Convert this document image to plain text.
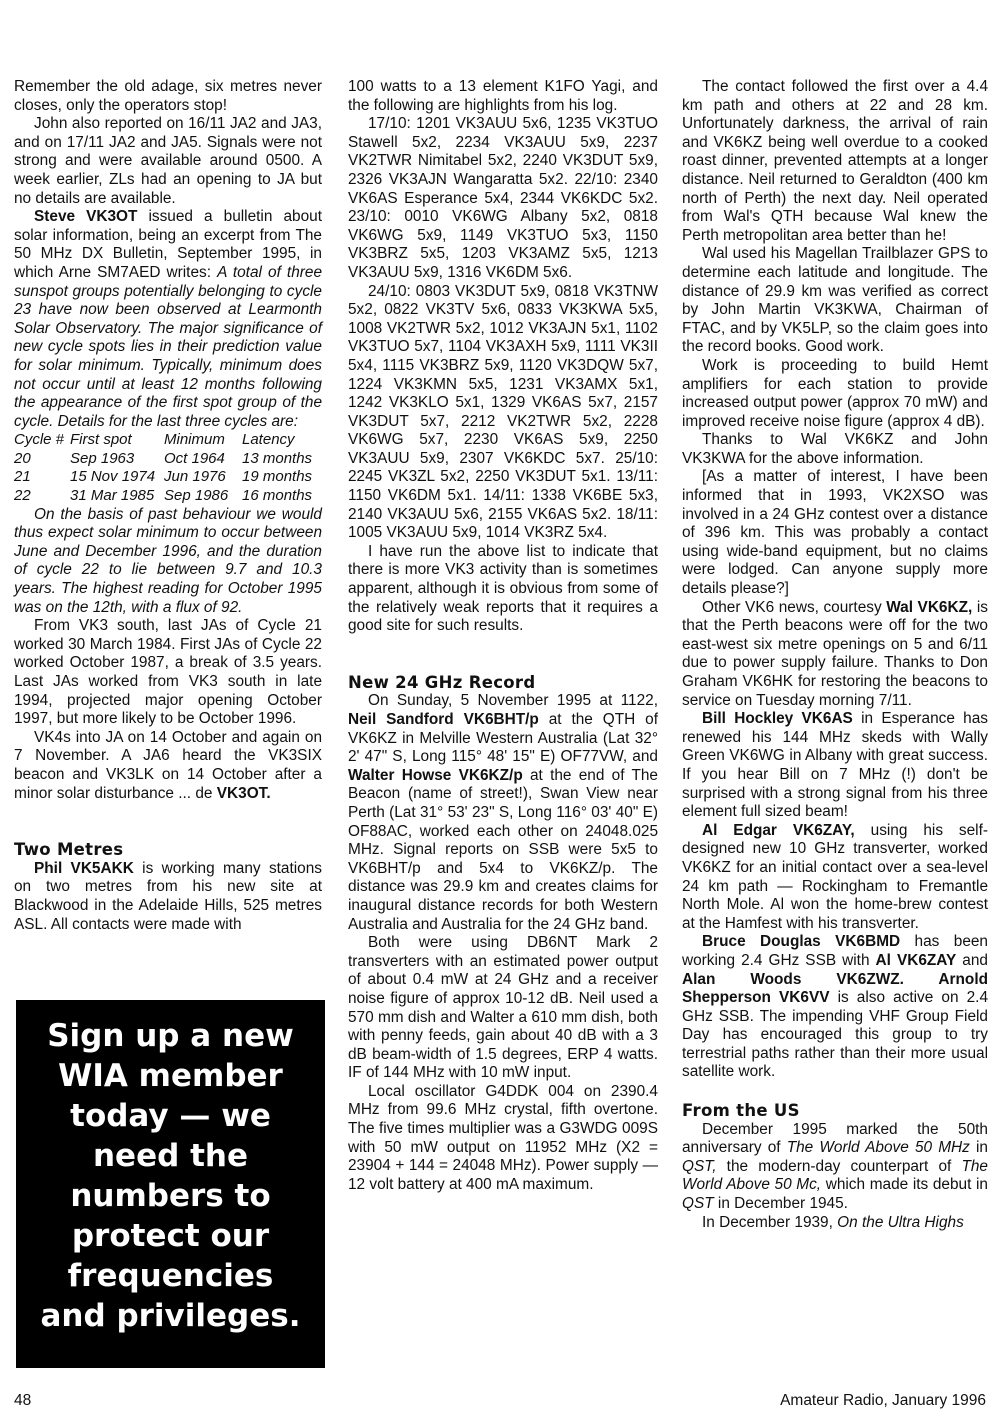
Remember the old adage, six metres never closes, only the operators stop!

John also reported on 16/11 JA2 and JA3, and on 17/11 JA2 and JA5. Signals were not strong and were available around 0500. A week earlier, ZLs had an opening to JA but no details are available.

Steve VK3OT issued a bulletin about solar information, being an excerpt from The 50 MHz DX Bulletin, September 1995, in which Arne SM7AED writes: A total of three sunspot groups potentially belonging to cycle 23 have now been observed at Learmonth Solar Observatory. The major significance of new cycle spots lies in their prediction value for solar minimum. Typically, minimum does not occur until at least 12 months following the appearance of the first spot group of the cycle. Details for the last three cycles are:

Cycle #	First spot	Minimum	Latency
20	Sep 1963	Oct 1964	13 months
21	15 Nov 1974	Jun 1976	19 months
22	31 Mar 1985	Sep 1986	16 months

On the basis of past behaviour we would thus expect solar minimum to occur between June and December 1996, and the duration of cycle 22 to lie between 9.7 and 10.3 years. The highest reading for October 1995 was on the 12th, with a flux of 92.

From VK3 south, last JAs of Cycle 21 worked 30 March 1984. First JAs of Cycle 22 worked October 1987, a break of 3.5 years. Last JAs worked from VK3 south in late 1994, projected major opening October 1997, but more likely to be October 1996.

VK4s into JA on 14 October and again on 7 November. A JA6 heard the VK3SIX beacon and VK3LK on 14 October after a minor solar disturbance ... de VK3OT.

Two Metres

Phil VK5AKK is working many stations on two metres from his new site at Blackwood in the Adelaide Hills, 525 metres ASL. All contacts were made with

Sign up a new
WIA member
today — we
need the
numbers to
protect our
frequencies
and privileges.

100 watts to a 13 element K1FO Yagi, and the following are highlights from his log.

17/10: 1201 VK3AUU 5x6, 1235 VK3TUO Stawell 5x2, 2234 VK3AUU 5x9, 2237 VK2TWR Nimitabel 5x2, 2240 VK3DUT 5x9, 2326 VK3AJN Wangaratta 5x2. 22/10: 2340 VK6AS Esperance 5x4, 2344 VK6KDC 5x2. 23/10: 0010 VK6WG Albany 5x2, 0818 VK6WG 5x9, 1149 VK3TUO 5x3, 1150 VK3BRZ 5x5, 1203 VK3AMZ 5x5, 1213 VK3AUU 5x9, 1316 VK6DM 5x6.

24/10: 0803 VK3DUT 5x9, 0818 VK3TNW 5x2, 0822 VK3TV 5x6, 0833 VK3KWA 5x5, 1008 VK2TWR 5x2, 1012 VK3AJN 5x1, 1102 VK3TUO 5x7, 1104 VK3AXH 5x9, 1111 VK3II 5x4, 1115 VK3BRZ 5x9, 1120 VK3DQW 5x7, 1224 VK3KMN 5x5, 1231 VK3AMX 5x1, 1242 VK3KLO 5x1, 1329 VK6AS 5x7, 2157 VK3DUT 5x7, 2212 VK2TWR 5x2, 2228 VK6WG 5x7, 2230 VK6AS 5x9, 2250 VK3AUU 5x9, 2307 VK6KDC 5x7. 25/10: 2245 VK3ZL 5x2, 2250 VK3DUT 5x1. 13/11: 1150 VK6DM 5x1. 14/11: 1338 VK6BE 5x3, 2140 VK3AUU 5x6, 2155 VK6AS 5x2. 18/11: 1005 VK3AUU 5x9, 1014 VK3RZ 5x4.

I have run the above list to indicate that there is more VK3 activity than is sometimes apparent, although it is obvious from some of the relatively weak reports that it requires a good site for such results.

New 24 GHz Record

On Sunday, 5 November 1995 at 1122, Neil Sandford VK6BHT/p at the QTH of VK6KZ in Melville Western Australia (Lat 32° 2' 47" S, Long 115° 48' 15" E) OF77VW, and Walter Howse VK6KZ/p at the end of The Beacon (name of street!), Swan View near Perth (Lat 31° 53' 23" S, Long 116° 03' 40" E) OF88AC, worked each other on 24048.025 MHz. Signal reports on SSB were 5x5 to VK6BHT/p and 5x4 to VK6KZ/p. The distance was 29.9 km and creates claims for inaugural distance records for both Western Australia and Australia for the 24 GHz band.

Both were using DB6NT Mark 2 transverters with an estimated power output of about 0.4 mW at 24 GHz and a receiver noise figure of approx 10-12 dB. Neil used a 570 mm dish and Walter a 610 mm dish, both with penny feeds, gain about 40 dB with a 3 dB beam-width of 1.5 degrees, ERP 4 watts. IF of 144 MHz with 10 mW input.

Local oscillator G4DDK 004 on 2390.4 MHz from 99.6 MHz crystal, fifth overtone. The five times multiplier was a G3WDG 009S with 50 mW output on 11952 MHz (X2 = 23904 + 144 = 24048 MHz). Power supply — 12 volt battery at 400 mA maximum.

The contact followed the first over a 4.4 km path and others at 22 and 28 km. Unfortunately darkness, the arrival of rain and VK6KZ being well overdue to a cooked roast dinner, prevented attempts at a longer distance. Neil returned to Geraldton (400 km north of Perth) the next day. Neil operated from Wal's QTH because Wal knew the Perth metropolitan area better than he!

Wal used his Magellan Trailblazer GPS to determine each latitude and longitude. The distance of 29.9 km was verified as correct by John Martin VK3KWA, Chairman of FTAC, and by VK5LP, so the claim goes into the record books. Good work.

Work is proceeding to build Hemt amplifiers for each station to provide increased output power (approx 70 mW) and improved receive noise figure (approx 4 dB).

Thanks to Wal VK6KZ and John VK3KWA for the above information.

[As a matter of interest, I have been informed that in 1993, VK2XSO was involved in a 24 GHz contest over a distance of 396 km. This was probably a contact using wide-band equipment, but no claims were lodged. Can anyone supply more details please?]

Other VK6 news, courtesy Wal VK6KZ, is that the Perth beacons were off for the two east-west six metre openings on 5 and 6/11 due to power supply failure. Thanks to Don Graham VK6HK for restoring the beacons to service on Tuesday morning 7/11.

Bill Hockley VK6AS in Esperance has renewed his 144 MHz skeds with Wally Green VK6WG in Albany with great success. If you hear Bill on 7 MHz (!) don't be surprised with a strong signal from his three element full sized beam!

Al Edgar VK6ZAY, using his self-designed new 10 GHz transverter, worked VK6KZ for an initial contact over a sea-level 24 km path — Rockingham to Fremantle North Mole. Al won the home-brew contest at the Hamfest with his transverter.

Bruce Douglas VK6BMD has been working 2.4 GHz SSB with Al VK6ZAY and Alan Woods VK6ZWZ. Arnold Shepperson VK6VV is also active on 2.4 GHz SSB. The impending VHF Group Field Day has encouraged this group to try terrestrial paths rather than their more usual satellite work.

From the US

December 1995 marked the 50th anniversary of The World Above 50 MHz in QST, the modern-day counterpart of The World Above 50 Mc, which made its debut in QST in December 1945.

In December 1939, On the Ultra Highs

48	Amateur Radio, January 1996
